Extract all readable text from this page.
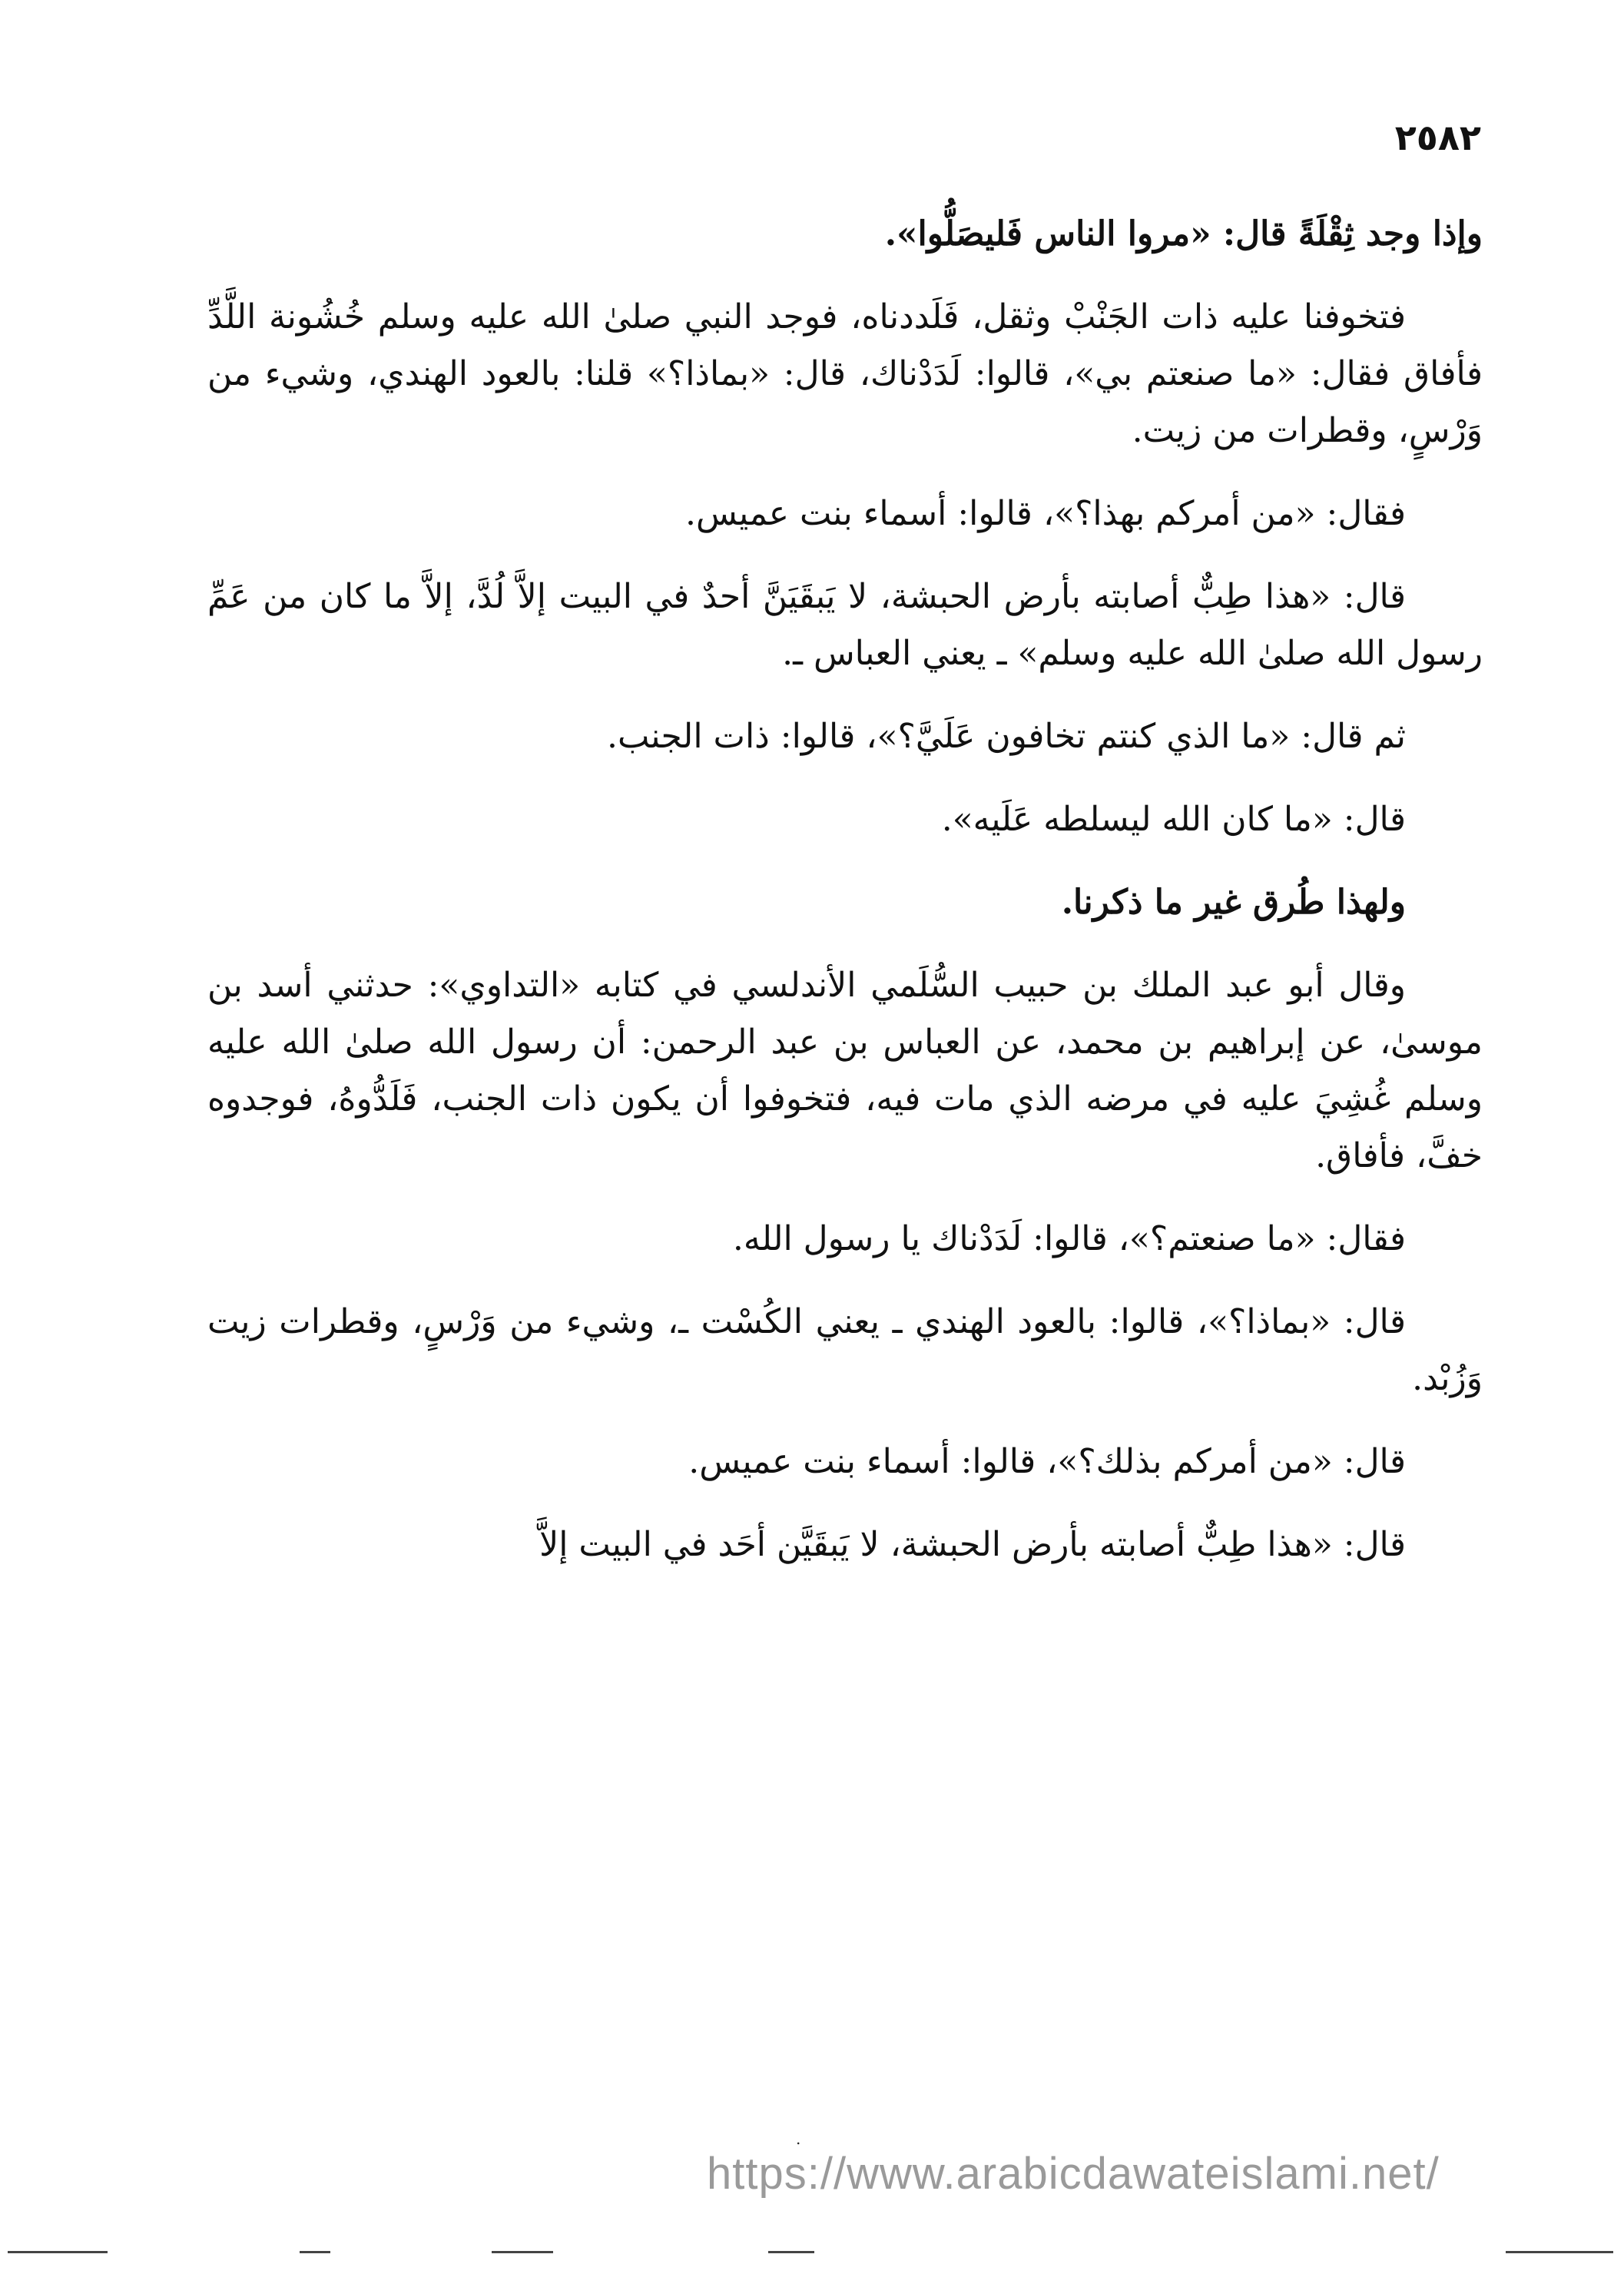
٢٥٨٢

وإذا وجد ثِقْلَةً قال: «مروا الناس فَليصَلُّوا».

فتخوفنا عليه ذات الجَنْبْ وثقل، فَلَددناه، فوجد النبي صلىٰ الله عليه وسلم خُشُونة اللَّدِّ فأفاق فقال: «ما صنعتم بي»، قالوا: لَدَدْناك، قال: «بماذا؟» قلنا: بالعود الهندي، وشيء من وَرْسٍ، وقطرات من زيت.

فقال: «من أمركم بهذا؟»، قالوا: أسماء بنت عميس.

قال: «هذا طِبٌّ أصابته بأرض الحبشة، لا يَبقَيَنَّ أحدٌ في البيت إلاَّ لُدَّ، إلاَّ ما كان من عَمِّ رسول الله صلىٰ الله عليه وسلم» ـ يعني العباس ـ.

ثم قال: «ما الذي كنتم تخافون عَلَيَّ؟»، قالوا: ذات الجنب.

قال: «ما كان الله ليسلطه عَلَيه».

ولهذا طُرق غير ما ذكرنا.

وقال أبو عبد الملك بن حبيب السُّلَمي الأندلسي في كتابه «التداوي»: حدثني أسد بن موسىٰ، عن إبراهيم بن محمد، عن العباس بن عبد الرحمن: أن رسول الله صلىٰ الله عليه وسلم غُشِيَ عليه في مرضه الذي مات فيه، فتخوفوا أن يكون ذات الجنب، فَلَدُّوهُ، فوجدوه خفَّ، فأفاق.

فقال: «ما صنعتم؟»، قالوا: لَدَدْناك يا رسول الله.

قال: «بماذا؟»، قالوا: بالعود الهندي ـ يعني الكُسْت ـ، وشيء من وَرْسٍ، وقطرات زيت وَزُبْد.

قال: «من أمركم بذلك؟»، قالوا: أسماء بنت عميس.

قال: «هذا طِبٌّ أصابته بأرض الحبشة، لا يَبقَيَّن أحَد في البيت إلاَّ

.
https://www.arabicdawateislami.net/
